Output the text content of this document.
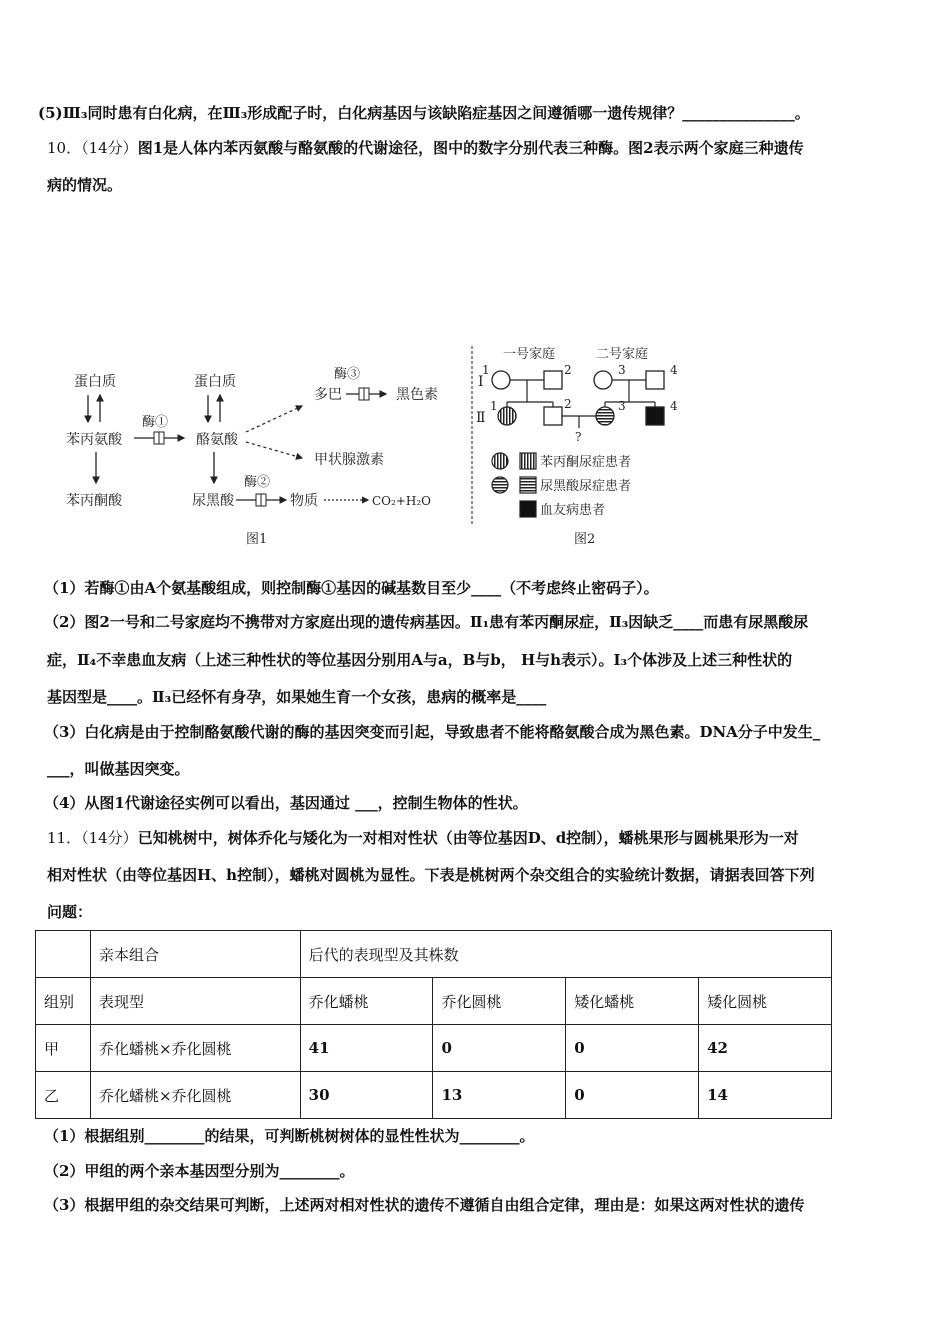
(5)Ⅲ₃同时患有白化病，在Ⅲ₃形成配子时，白化病基因与该缺陷症基因之间遵循哪一遗传规律？_______________。
10．（14分）图1是人体内苯丙氨酸与酪氨酸的代谢途径，图中的数字分别代表三种酶。图2表示两个家庭三种遗传
病的情况。
蛋白质
苯丙氨酸
苯丙酮酸
酶①
蛋白质
酪氨酸
尿黑酸
酶③
多巴	黑色素
甲状腺激素
酶②
物质	CO₂+H₂O
图1
一号家庭	二号家庭
I
Ⅱ
2
2
?
3	4
3	4
1
1
苯丙酮尿症患者
尿黑酸尿症患者
血友病患者
图2
（1）若酶①由A个氨基酸组成，则控制酶①基因的碱基数目至少____（不考虑终止密码子）。
（2）图2一号和二号家庭均不携带对方家庭出现的遗传病基因。Ⅱ₁患有苯丙酮尿症，Ⅱ₃因缺乏____而患有尿黑酸尿
症，Ⅱ₄不幸患血友病（上述三种性状的等位基因分别用A与a，B与b， H与h表示）。I₃个体涉及上述三种性状的
基因型是____。Ⅱ₃已经怀有身孕，如果她生育一个女孩，患病的概率是____
（3）白化病是由于控制酪氨酸代谢的酶的基因突变而引起，导致患者不能将酪氨酸合成为黑色素。DNA分子中发生_
___，叫做基因突变。
（4）从图1代谢途径实例可以看出，基因通过 ___，控制生物体的性状。
11．（14分）已知桃树中，树体乔化与矮化为一对相对性状（由等位基因D、d控制），蟠桃果形与圆桃果形为一对
相对性状（由等位基因H、h控制），蟠桃对圆桃为显性。下表是桃树两个杂交组合的实验统计数据，请据表回答下列
问题：
	亲本组合	后代的表现型及其株数			
组别	表现型	乔化蟠桃	乔化圆桃	矮化蟠桃	矮化圆桃
甲	乔化蟠桃×乔化圆桃	41	0	0	42
乙	乔化蟠桃×乔化圆桃	30	13	0	14
（1）根据组别________的结果，可判断桃树树体的显性性状为________。
（2）甲组的两个亲本基因型分别为________。
（3）根据甲组的杂交结果可判断，上述两对相对性状的遗传不遵循自由组合定律，理由是：如果这两对性状的遗传
